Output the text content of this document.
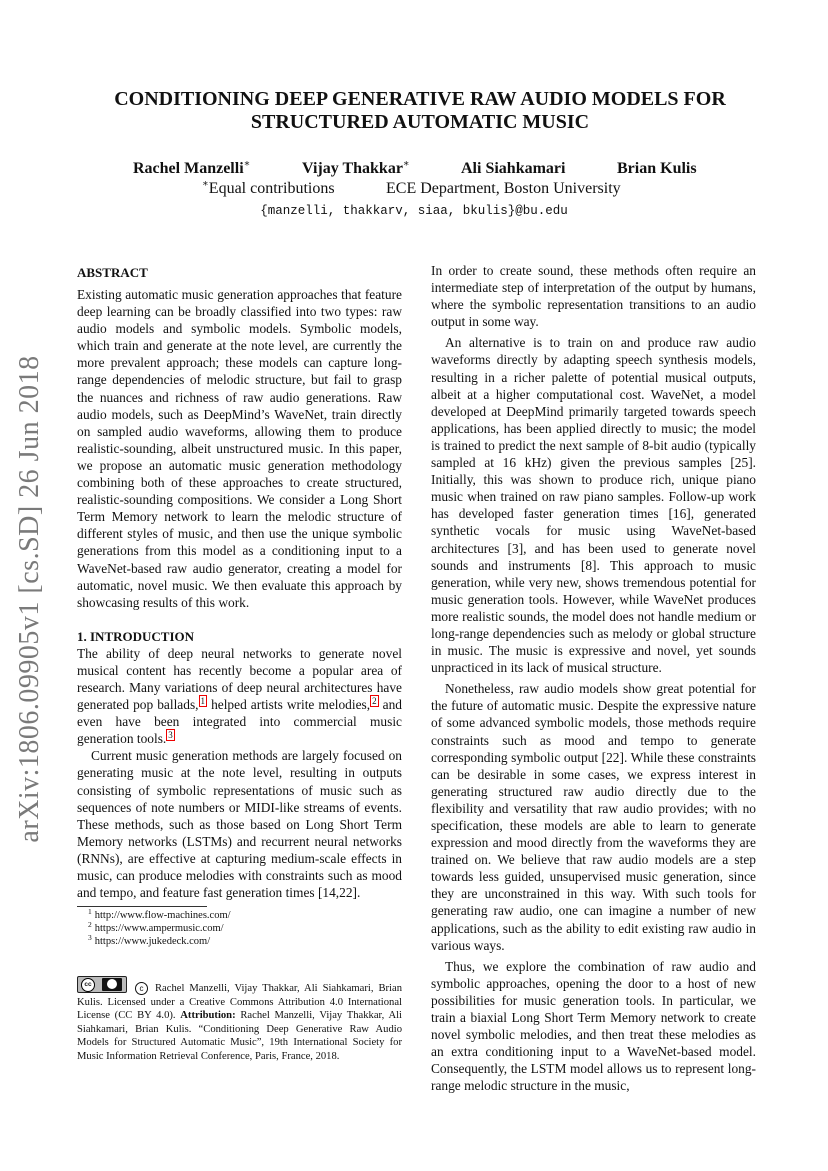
arXiv:1806.09905v1 [cs.SD] 26 Jun 2018
CONDITIONING DEEP GENERATIVE RAW AUDIO MODELS FOR
STRUCTURED AUTOMATIC MUSIC
Rachel Manzelli∗	Vijay Thakkar∗	Ali Siahkamari	Brian Kulis
∗Equal contributions	ECE Department, Boston University
{manzelli, thakkarv, siaa, bkulis}@bu.edu

ABSTRACT

Existing automatic music generation approaches that feature deep learning can be broadly classified into two types: raw audio models and symbolic models. Symbolic models, which train and generate at the note level, are currently the more prevalent approach; these models can capture long-range dependencies of melodic structure, but fail to grasp the nuances and richness of raw audio generations. Raw audio models, such as DeepMind’s WaveNet, train directly on sampled audio waveforms, allowing them to produce realistic-sounding, albeit unstructured music. In this paper, we propose an automatic music generation methodology combining both of these approaches to create structured, realistic-sounding compositions. We consider a Long Short Term Memory network to learn the melodic structure of different styles of music, and then use the unique symbolic generations from this model as a conditioning input to a WaveNet-based raw audio generator, creating a model for automatic, novel music. We then evaluate this approach by showcasing results of this work.

1. INTRODUCTION

The ability of deep neural networks to generate novel musical content has recently become a popular area of research. Many variations of deep neural architectures have generated pop ballads, $^1$ helped artists write melodies, $^2$ and even have been integrated into commercial music generation tools. $^3$

Current music generation methods are largely focused on generating music at the note level, resulting in outputs consisting of symbolic representations of music such as sequences of note numbers or MIDI-like streams of events. These methods, such as those based on Long Short Term Memory networks (LSTMs) and recurrent neural networks (RNNs), are effective at capturing medium-scale effects in music, can produce melodies with constraints such as mood and tempo, and feature fast generation times [14,22].

$^1$ http://www.flow-machines.com/
$^2$ https://www.ampermusic.com/
$^3$ https://www.jukedeck.com/
cc	c Rachel Manzelli, Vijay Thakkar, Ali Siahkamari, Brian Kulis. Licensed under a Creative Commons Attribution 4.0 International License (CC BY 4.0). Attribution: Rachel Manzelli, Vijay Thakkar, Ali Siahkamari, Brian Kulis. “Conditioning Deep Generative Raw Audio Models for Structured Automatic Music”, 19th International Society for Music Information Retrieval Conference, Paris, France, 2018.

In order to create sound, these methods often require an intermediate step of interpretation of the output by humans, where the symbolic representation transitions to an audio output in some way.

An alternative is to train on and produce raw audio waveforms directly by adapting speech synthesis models, resulting in a richer palette of potential musical outputs, albeit at a higher computational cost. WaveNet, a model developed at DeepMind primarily targeted towards speech applications, has been applied directly to music; the model is trained to predict the next sample of 8-bit audio (typically sampled at 16 kHz) given the previous samples [25]. Initially, this was shown to produce rich, unique piano music when trained on raw piano samples. Follow-up work has developed faster generation times [16], generated synthetic vocals for music using WaveNet-based architectures [3], and has been used to generate novel sounds and instruments [8]. This approach to music generation, while very new, shows tremendous potential for music generation tools. However, while WaveNet produces more realistic sounds, the model does not handle medium or long-range dependencies such as melody or global structure in music. The music is expressive and novel, yet sounds unpracticed in its lack of musical structure.

Nonetheless, raw audio models show great potential for the future of automatic music. Despite the expressive nature of some advanced symbolic models, those methods require constraints such as mood and tempo to generate corresponding symbolic output [22]. While these constraints can be desirable in some cases, we express interest in generating structured raw audio directly due to the flexibility and versatility that raw audio provides; with no specification, these models are able to learn to generate expression and mood directly from the waveforms they are trained on. We believe that raw audio models are a step towards less guided, unsupervised music generation, since they are unconstrained in this way. With such tools for generating raw audio, one can imagine a number of new applications, such as the ability to edit existing raw audio in various ways.

Thus, we explore the combination of raw audio and symbolic approaches, opening the door to a host of new possibilities for music generation tools. In particular, we train a biaxial Long Short Term Memory network to create novel symbolic melodies, and then treat these melodies as an extra conditioning input to a WaveNet-based model. Consequently, the LSTM model allows us to represent long-range melodic structure in the music,
